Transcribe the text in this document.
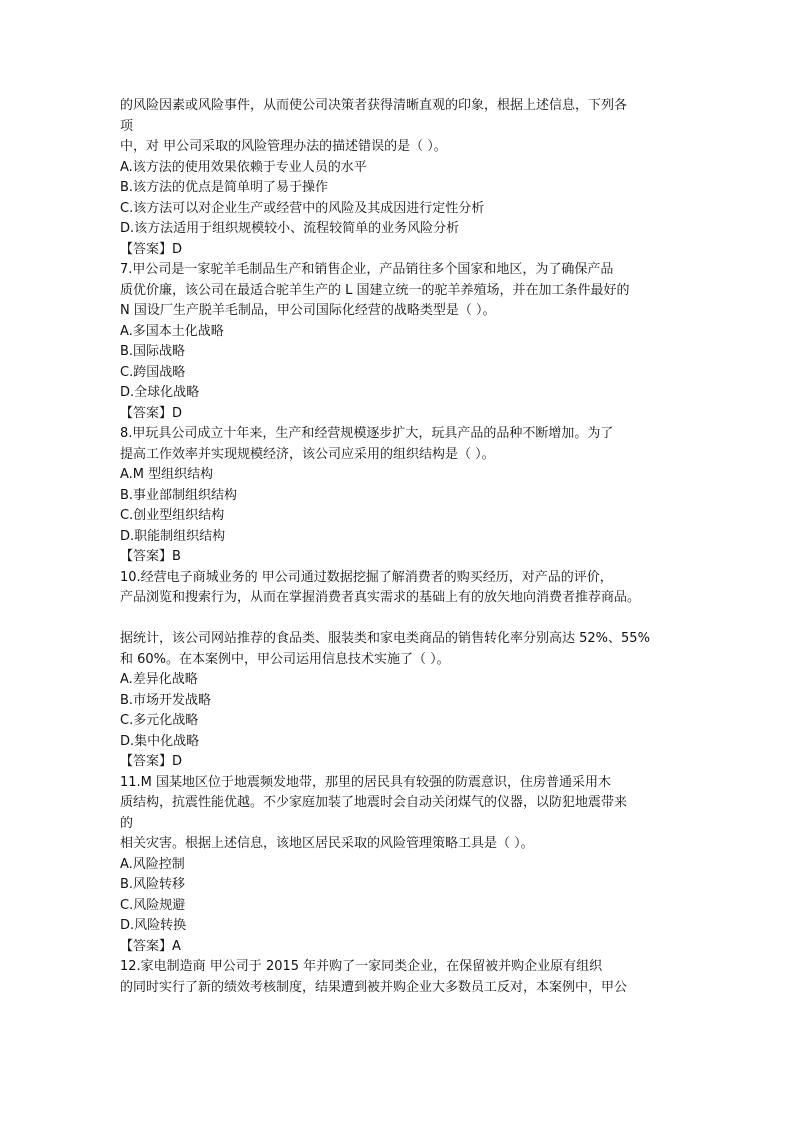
的风险因素或风险事件，从而使公司决策者获得清晰直观的印象，根据上述信息，下列各
项
中，对 甲公司采取的风险管理办法的描述错误的是（ ）。
A.该方法的使用效果依赖于专业人员的水平
B.该方法的优点是简单明了易于操作
C.该方法可以对企业生产或经营中的风险及其成因进行定性分析
D.该方法适用于组织规模较小、流程较简单的业务风险分析
【答案】D
7.甲公司是一家驼羊毛制品生产和销售企业，产品销往多个国家和地区，为了确保产品
质优价廉，该公司在最适合驼羊生产的 L 国建立统一的驼羊养殖场，并在加工条件最好的
N 国设厂生产脱羊毛制品，甲公司国际化经营的战略类型是（ ）。
A.多国本土化战略
B.国际战略
C.跨国战略
D.全球化战略
【答案】D
8.甲玩具公司成立十年来，生产和经营规模逐步扩大，玩具产品的品种不断增加。为了
提高工作效率并实现规模经济，该公司应采用的组织结构是（ ）。
A.M 型组织结构
B.事业部制组织结构
C.创业型组织结构
D.职能制组织结构
【答案】B
10.经营电子商城业务的 甲公司通过数据挖掘了解消费者的购买经历，对产品的评价，
产品浏览和搜索行为，从而在掌握消费者真实需求的基础上有的放矢地向消费者推荐商品。
据统计，该公司网站推荐的食品类、服装类和家电类商品的销售转化率分别高达 52%、55%
和 60%。在本案例中，甲公司运用信息技术实施了（ ）。
A.差异化战略
B.市场开发战略
C.多元化战略
D.集中化战略
【答案】D
11.M 国某地区位于地震频发地带，那里的居民具有较强的防震意识，住房普通采用木
质结构，抗震性能优越。不少家庭加装了地震时会自动关闭煤气的仪器，以防犯地震带来
的
相关灾害。根据上述信息，该地区居民采取的风险管理策略工具是（ ）。
A.风险控制
B.风险转移
C.风险规避
D.风险转换
【答案】A
12.家电制造商 甲公司于 2015 年并购了一家同类企业，在保留被并购企业原有组织
的同时实行了新的绩效考核制度，结果遭到被并购企业大多数员工反对，本案例中，甲公
